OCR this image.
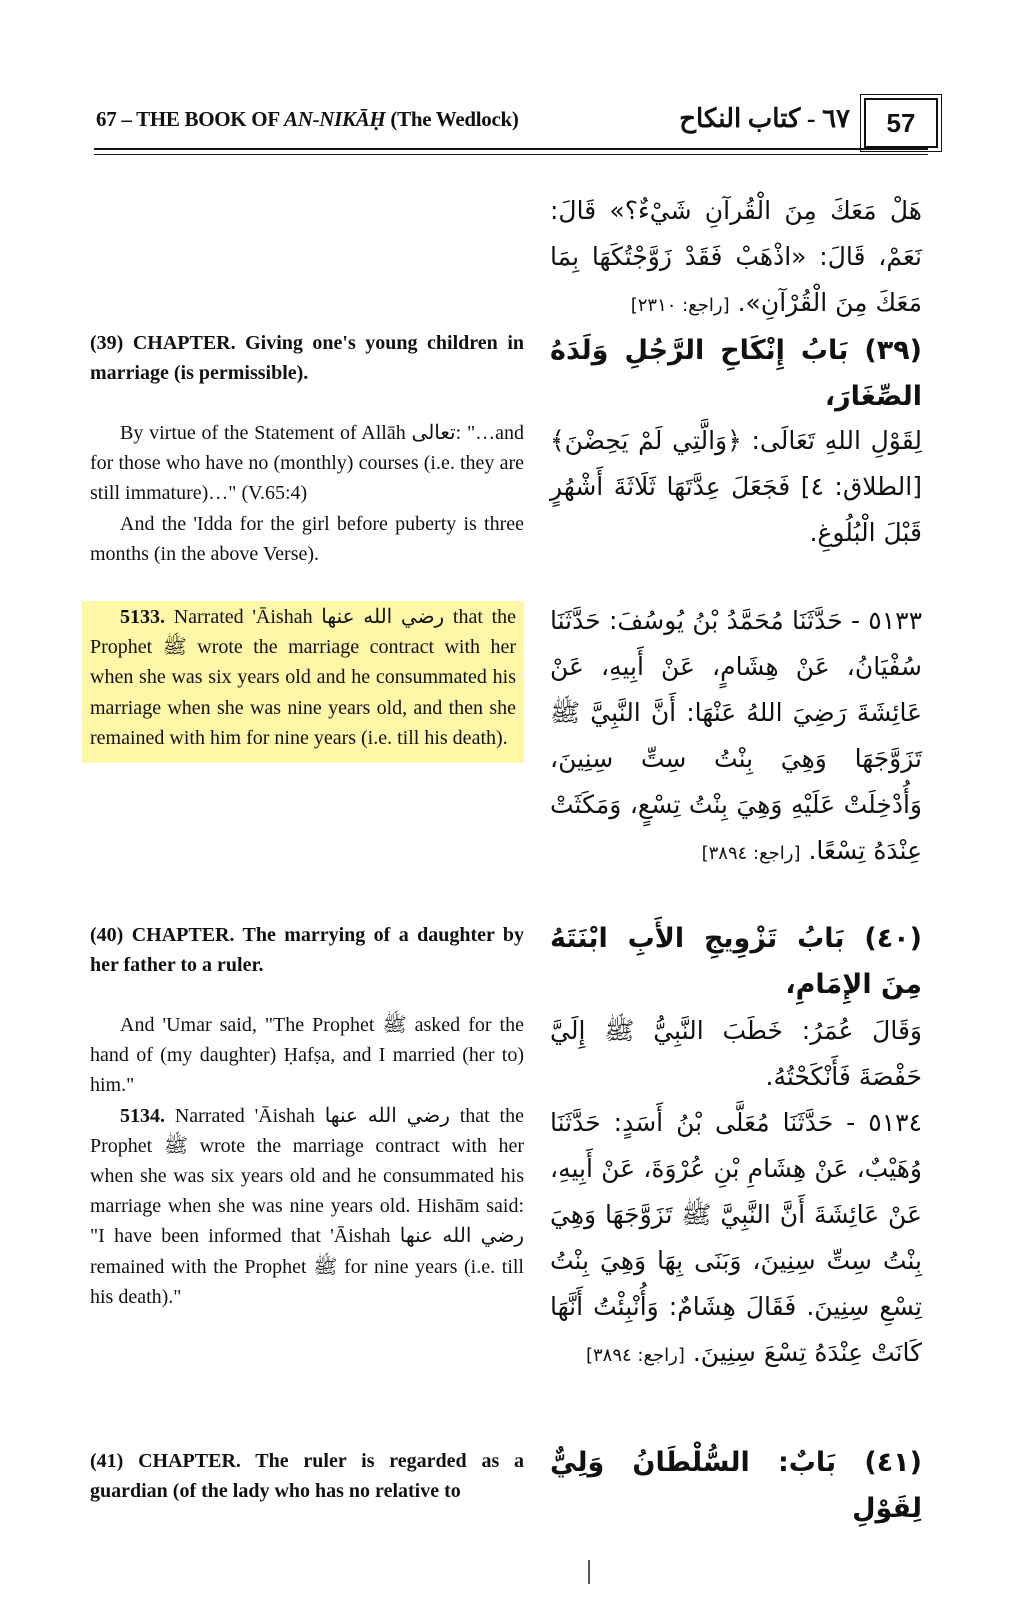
67 – THE BOOK OF AN-NIKĀḤ (The Wedlock)	٦٧ - كتاب النكاح	57

(39) CHAPTER. Giving one's young children in marriage (is permissible).

By virtue of the Statement of Allāh تعالى: "…and for those who have no (monthly) courses (i.e. they are still immature)…" (V.65:4)

And the 'Idda for the girl before puberty is three months (in the above Verse).

5133. Narrated 'Āishah رضي الله عنها that the Prophet ﷺ wrote the marriage contract with her when she was six years old and he consummated his marriage when she was nine years old, and then she remained with him for nine years (i.e. till his death).

(40) CHAPTER. The marrying of a daughter by her father to a ruler.

And 'Umar said, "The Prophet ﷺ asked for the hand of (my daughter) Ḥafṣa, and I married (her to) him."

5134. Narrated 'Āishah رضي الله عنها that the Prophet ﷺ wrote the marriage contract with her when she was six years old and he consummated his marriage when she was nine years old. Hishām said: "I have been informed that 'Āishah رضي الله عنها remained with the Prophet ﷺ for nine years (i.e. till his death)."

(41) CHAPTER. The ruler is regarded as a guardian (of the lady who has no relative to

هَلْ مَعَكَ مِنَ الْقُرآنِ شَيْءٌ؟» قَالَ: نَعَمْ، قَالَ: «اذْهَبْ فَقَدْ زَوَّجْتُكَهَا بِمَا مَعَكَ مِنَ الْقُرْآنِ». [راجع: ٢٣١٠]

(٣٩) بَابُ إِنْكَاحِ الرَّجُلِ وَلَدَهُ الصِّغَارَ،

لِقَوْلِ اللهِ تَعَالَى: ﴿وَالَّتِي لَمْ يَحِضْنَ﴾ [الطلاق: ٤] فَجَعَلَ عِدَّتَهَا ثَلَاثَةَ أَشْهُرٍ قَبْلَ الْبُلُوغِ.

٥١٣٣ - حَدَّثَنَا مُحَمَّدُ بْنُ يُوسُفَ: حَدَّثَنَا سُفْيَانُ، عَنْ هِشَامٍ، عَنْ أَبِيهِ، عَنْ عَائِشَةَ رَضِيَ اللهُ عَنْهَا: أَنَّ النَّبِيَّ ﷺ تَزَوَّجَهَا وَهِيَ بِنْتُ سِتِّ سِنِينَ، وَأُدْخِلَتْ عَلَيْهِ وَهِيَ بِنْتُ تِسْعٍ، وَمَكَثَتْ عِنْدَهُ تِسْعًا. [راجع: ٣٨٩٤]

(٤٠) بَابُ تَزْوِيجِ الأَبِ ابْنَتَهُ مِنَ الإِمَامِ،

وَقَالَ عُمَرُ: خَطَبَ النَّبِيُّ ﷺ إِلَيَّ حَفْصَةَ فَأَنْكَحْتُهُ.

٥١٣٤ - حَدَّثَنَا مُعَلَّى بْنُ أَسَدٍ: حَدَّثَنَا وُهَيْبٌ، عَنْ هِشَامِ بْنِ عُرْوَةَ، عَنْ أَبِيهِ، عَنْ عَائِشَةَ أَنَّ النَّبِيَّ ﷺ تَزَوَّجَهَا وَهِيَ بِنْتُ سِتِّ سِنِينَ، وَبَنَى بِهَا وَهِيَ بِنْتُ تِسْعِ سِنِينَ. فَقَالَ هِشَامٌ: وَأُنْبِئْتُ أَنَّهَا كَانَتْ عِنْدَهُ تِسْعَ سِنِينَ. [راجع: ٣٨٩٤]

(٤١) بَابٌ: السُّلْطَانُ وَلِيٌّ لِقَوْلِ
